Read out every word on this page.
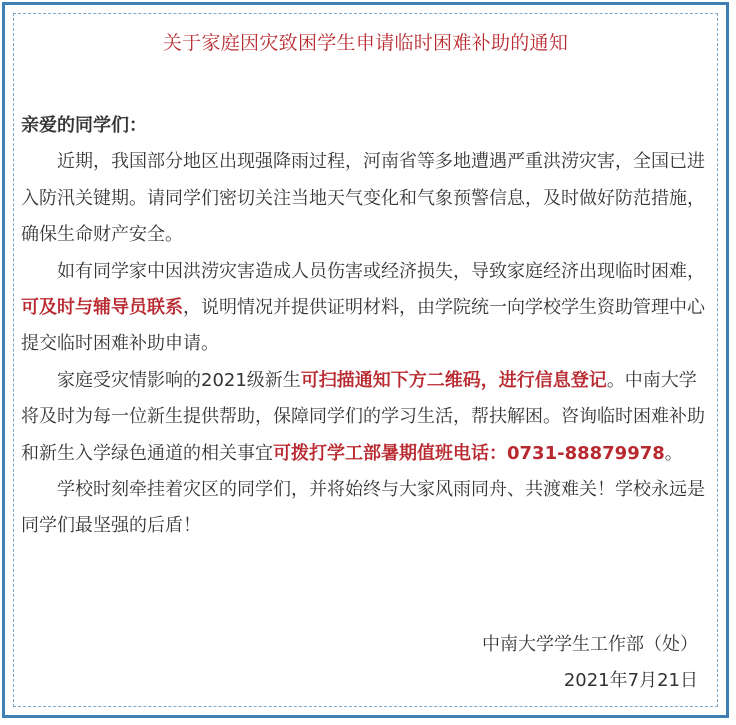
关于家庭因灾致困学生申请临时困难补助的通知

亲爱的同学们：

近期，我国部分地区出现强降雨过程，河南省等多地遭遇严重洪涝灾害，全国已进入防汛关键期。请同学们密切关注当地天气变化和气象预警信息，及时做好防范措施，确保生命财产安全。

如有同学家中因洪涝灾害造成人员伤害或经济损失，导致家庭经济出现临时困难，可及时与辅导员联系，说明情况并提供证明材料，由学院统一向学校学生资助管理中心提交临时困难补助申请。

家庭受灾情影响的2021级新生可扫描通知下方二维码，进行信息登记。中南大学将及时为每一位新生提供帮助，保障同学们的学习生活，帮扶解困。咨询临时困难补助和新生入学绿色通道的相关事宜可拨打学工部暑期值班电话：0731-88879978。

学校时刻牵挂着灾区的同学们，并将始终与大家风雨同舟、共渡难关！学校永远是同学们最坚强的后盾！

中南大学学生工作部（处）
2021年7月21日
